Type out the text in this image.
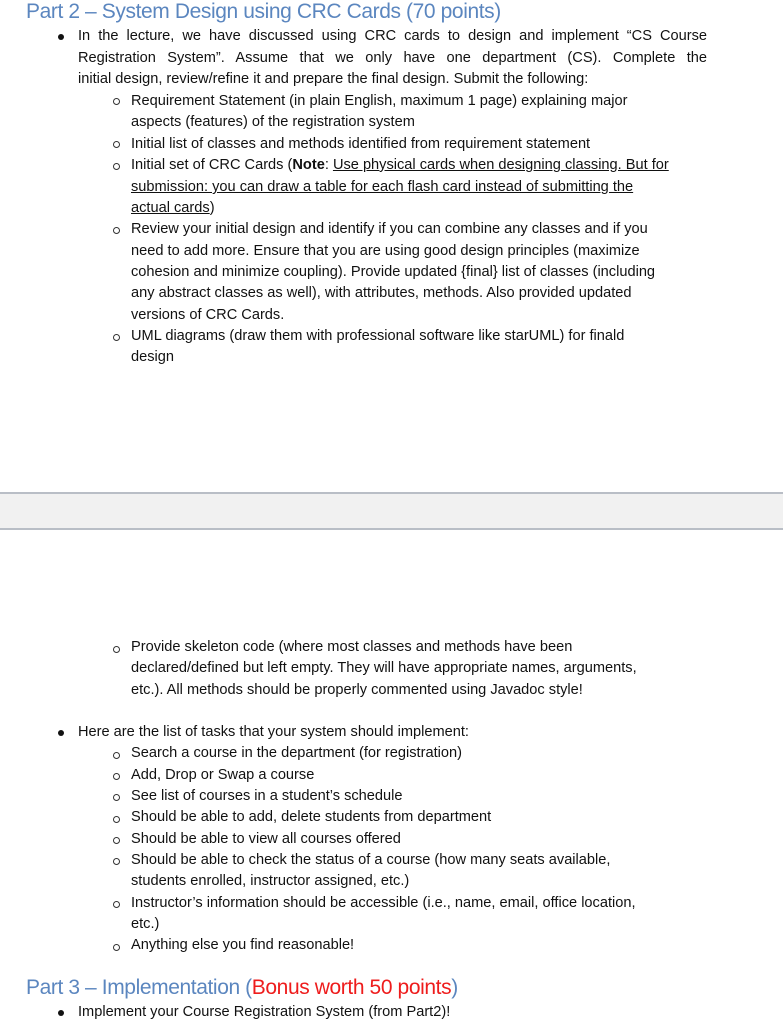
Part 2 – System Design using CRC Cards (70 points)
In the lecture, we have discussed using CRC cards to design and implement “CS Course
Registration System”. Assume that we only have one department (CS). Complete the
initial design, review/refine it and prepare the final design. Submit the following:
Requirement Statement (in plain English, maximum 1 page) explaining major
aspects (features) of the registration system
Initial list of classes and methods identified from requirement statement
Initial set of CRC Cards (Note: Use physical cards when designing classing. But for
submission: you can draw a table for each flash card instead of submitting the
actual cards)
Review your initial design and identify if you can combine any classes and if you
need to add more. Ensure that you are using good design principles (maximize
cohesion and minimize coupling). Provide updated {final} list of classes (including
any abstract classes as well), with attributes, methods. Also provided updated
versions of CRC Cards.
UML diagrams (draw them with professional software like starUML) for finald
design
Provide skeleton code (where most classes and methods have been
declared/defined but left empty. They will have appropriate names, arguments,
etc.). All methods should be properly commented using Javadoc style!
Here are the list of tasks that your system should implement:
Search a course in the department (for registration)
Add, Drop or Swap a course
See list of courses in a student’s schedule
Should be able to add, delete students from department
Should be able to view all courses offered
Should be able to check the status of a course (how many seats available,
students enrolled, instructor assigned, etc.)
Instructor’s information should be accessible (i.e., name, email, office location,
etc.)
Anything else you find reasonable!
Part 3 – Implementation (Bonus worth 50 points)
Implement your Course Registration System (from Part2)!
